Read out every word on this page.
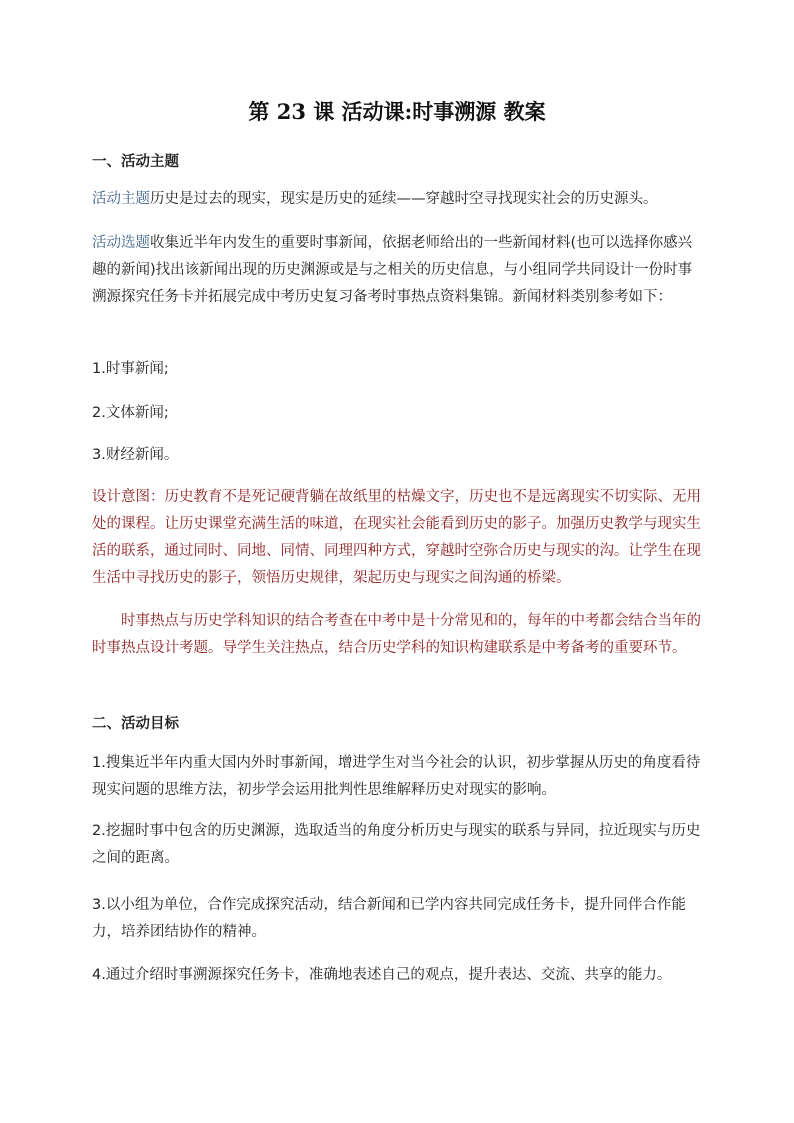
第 23 课 活动课:时事溯源 教案
一、活动主题
活动主题历史是过去的现实，现实是历史的延续——穿越时空寻找现实社会的历史源头。
活动选题收集近半年内发生的重要时事新闻，依据老师给出的一些新闻材料(也可以选择你感兴趣的新闻)找出该新闻出现的历史渊源或是与之相关的历史信息，与小组同学共同设计一份时事溯源探究任务卡并拓展完成中考历史复习备考时事热点资料集锦。新闻材料类别参考如下：
1.时事新闻;
2.文体新闻;
3.财经新闻。
设计意图：历史教育不是死记硬背躺在故纸里的枯燥文字，历史也不是远离现实不切实际、无用处的课程。让历史课堂充满生活的味道，在现实社会能看到历史的影子。加强历史教学与现实生活的联系，通过同时、同地、同情、同理四种方式，穿越时空弥合历史与现实的沟。让学生在现生活中寻找历史的影子，领悟历史规律，架起历史与现实之间沟通的桥梁。
时事热点与历史学科知识的结合考查在中考中是十分常见和的，每年的中考都会结合当年的时事热点设计考题。导学生关注热点，结合历史学科的知识构建联系是中考备考的重要环节。
二、活动目标
1.搜集近半年内重大国内外时事新闻，增进学生对当今社会的认识，初步掌握从历史的角度看待现实问题的思维方法，初步学会运用批判性思维解释历史对现实的影响。
2.挖掘时事中包含的历史渊源，选取适当的角度分析历史与现实的联系与异同，拉近现实与历史之间的距离。
3.以小组为单位，合作完成探究活动，结合新闻和已学内容共同完成任务卡，提升同伴合作能力，培养团结协作的精神。
4.通过介绍时事溯源探究任务卡，准确地表述自己的观点，提升表达、交流、共享的能力。
